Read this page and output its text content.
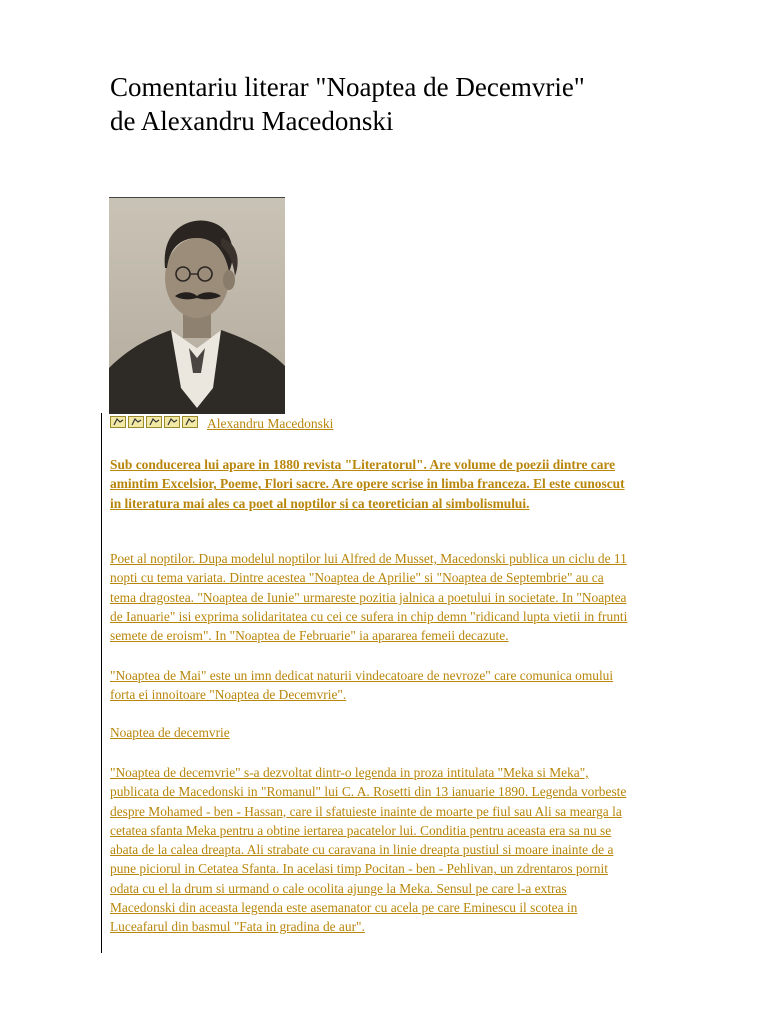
Comentariu literar "Noaptea de Decemvrie"
de Alexandru Macedonski
Alexandru Macedonski

Sub conducerea lui apare in 1880 revista "Literatorul". Are volume de poezii dintre care
amintim Excelsior, Poeme, Flori sacre. Are opere scrise in limba franceza. El este cunoscut
in literatura mai ales ca poet al noptilor si ca teoretician al simbolismului.

Poet al noptilor. Dupa modelul noptilor lui Alfred de Musset, Macedonski publica un ciclu de 11
nopti cu tema variata. Dintre acestea "Noaptea de Aprilie" si "Noaptea de Septembrie" au ca
tema dragostea. "Noaptea de Iunie" urmareste pozitia jalnica a poetului in societate. In "Noaptea
de Ianuarie" isi exprima solidaritatea cu cei ce sufera in chip demn "ridicand lupta vietii in frunti
semete de eroism". In "Noaptea de Februarie" ia apararea femeii decazute.

"Noaptea de Mai" este un imn dedicat naturii vindecatoare de nevroze" care comunica omului
forta ei innoitoare "Noaptea de Decemvrie".

Noaptea de decemvrie

"Noaptea de decemvrie" s-a dezvoltat dintr-o legenda in proza intitulata "Meka si Meka",
publicata de Macedonski in "Romanul" lui C. A. Rosetti din 13 ianuarie 1890. Legenda vorbeste
despre Mohamed - ben - Hassan, care il sfatuieste inainte de moarte pe fiul sau Ali sa mearga la
cetatea sfanta Meka pentru a obtine iertarea pacatelor lui. Conditia pentru aceasta era sa nu se
abata de la calea dreapta. Ali strabate cu caravana in linie dreapta pustiul si moare inainte de a
pune piciorul in Cetatea Sfanta. In acelasi timp Pocitan - ben - Pehlivan, un zdrentaros pornit
odata cu el la drum si urmand o cale ocolita ajunge la Meka. Sensul pe care l-a extras
Macedonski din aceasta legenda este asemanator cu acela pe care Eminescu il scotea in
Luceafarul din basmul "Fata in gradina de aur".
